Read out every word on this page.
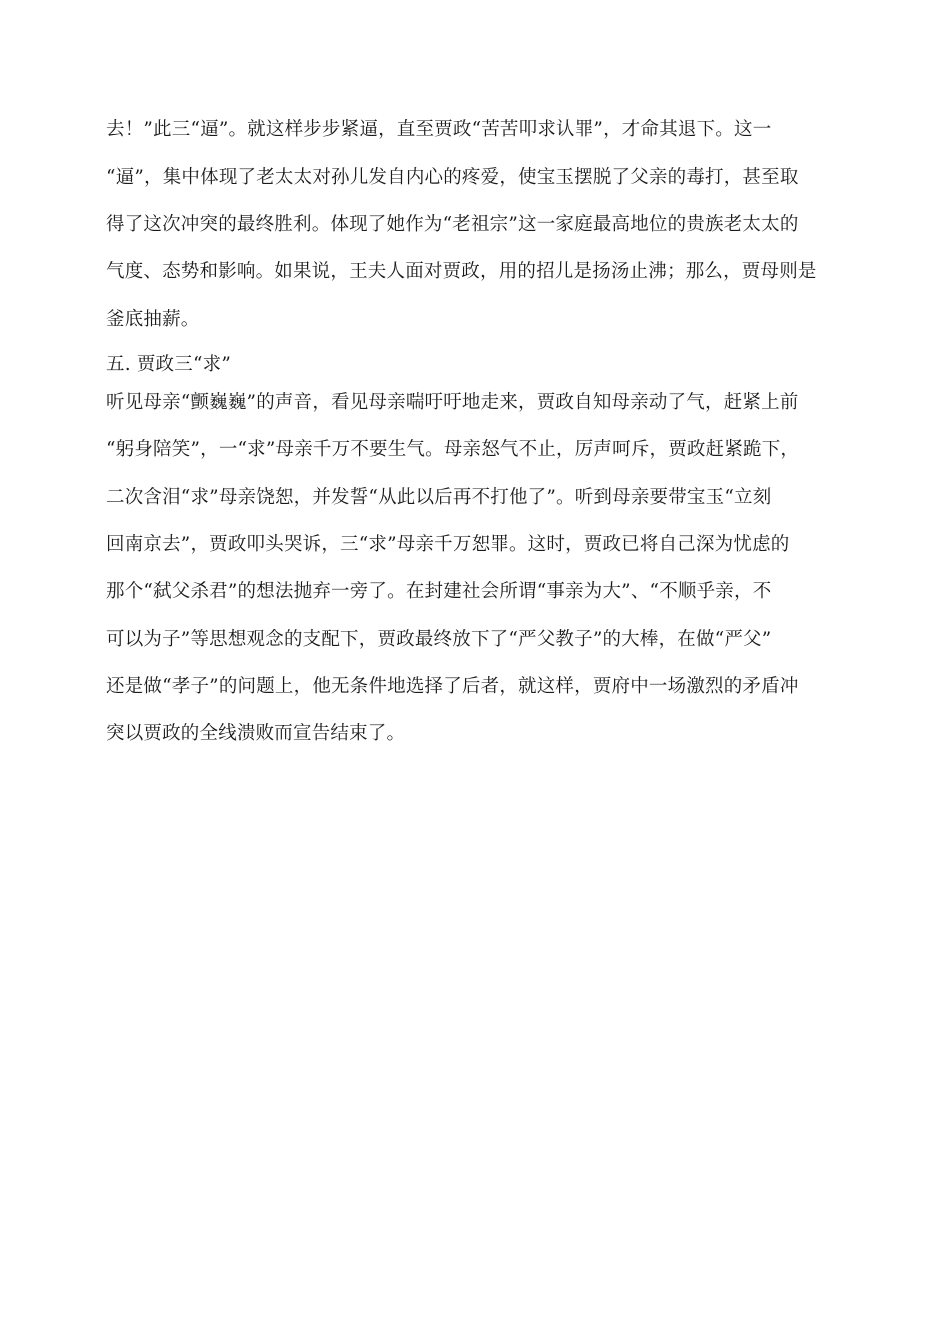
去！”此三“逼”。就这样步步紧逼，直至贾政“苦苦叩求认罪”，才命其退下。这一
“逼”，集中体现了老太太对孙儿发自内心的疼爱，使宝玉摆脱了父亲的毒打，甚至取
得了这次冲突的最终胜利。体现了她作为“老祖宗”这一家庭最高地位的贵族老太太的
气度、态势和影响。如果说，王夫人面对贾政，用的招儿是扬汤止沸；那么，贾母则是
釜底抽薪。
五. 贾政三“求”
听见母亲“颤巍巍”的声音，看见母亲喘吁吁地走来，贾政自知母亲动了气，赶紧上前
“躬身陪笑”，一“求”母亲千万不要生气。母亲怒气不止，厉声呵斥，贾政赶紧跪下，
二次含泪“求”母亲饶恕，并发誓“从此以后再不打他了”。听到母亲要带宝玉“立刻
回南京去”，贾政叩头哭诉，三“求”母亲千万恕罪。这时，贾政已将自己深为忧虑的
那个“弑父杀君”的想法抛弃一旁了。在封建社会所谓“事亲为大”、“不顺乎亲，不
可以为子”等思想观念的支配下，贾政最终放下了“严父教子”的大棒，在做“严父”
还是做“孝子”的问题上，他无条件地选择了后者，就这样，贾府中一场激烈的矛盾冲
突以贾政的全线溃败而宣告结束了。
